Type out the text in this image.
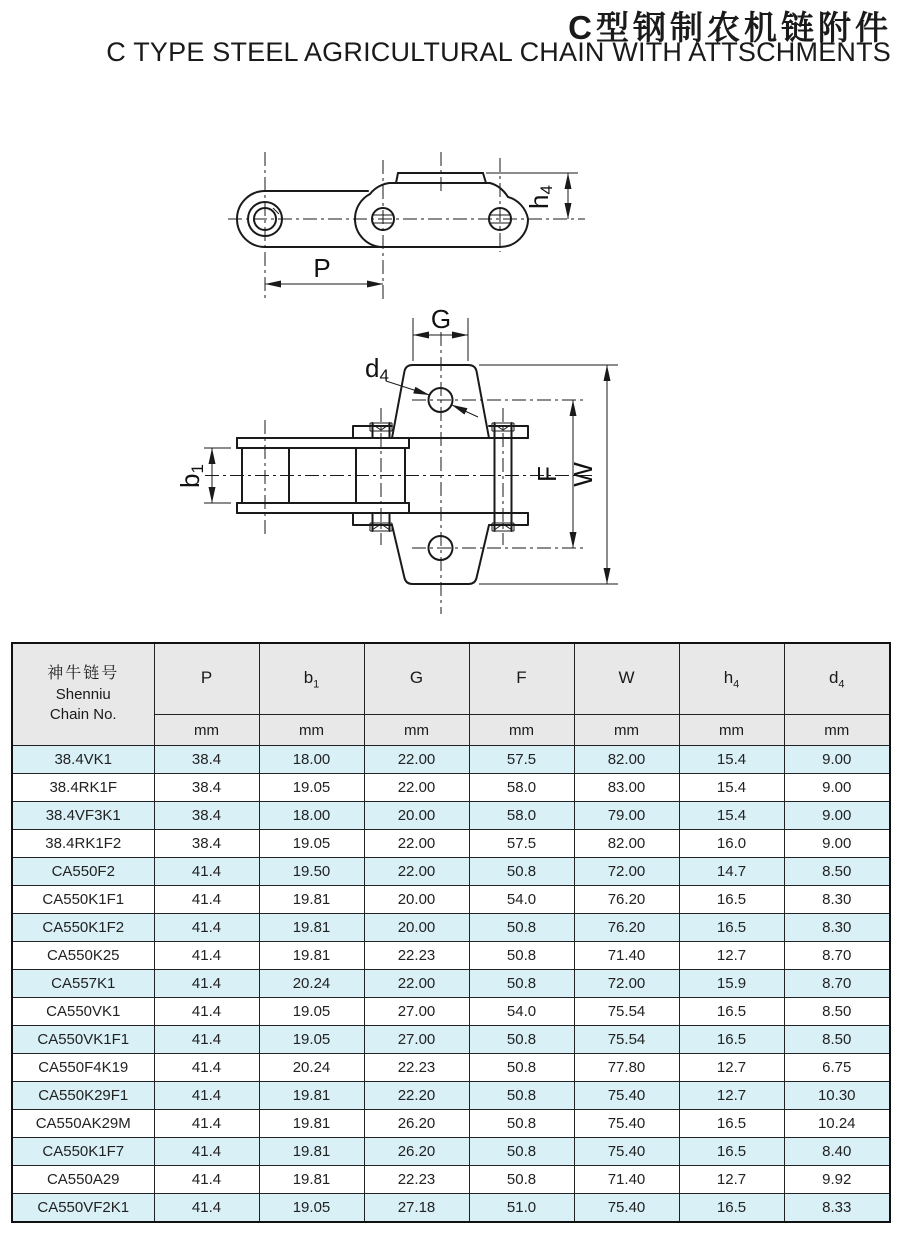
C型钢制农机链附件
C TYPE STEEL AGRICULTURAL CHAIN WITH ATTSCHMENTS
P
h4
G
d4
b1	F W
神牛链号
Shenniu
Chain No.	P	$b_1$	G	F	W	$h_4$	$d_4$
	mm	mm	mm	mm	mm	mm	mm
38.4VK1	38.4	18.00	22.00	57.5	82.00	15.4	9.00
38.4RK1F	38.4	19.05	22.00	58.0	83.00	15.4	9.00
38.4VF3K1	38.4	18.00	20.00	58.0	79.00	15.4	9.00
38.4RK1F2	38.4	19.05	22.00	57.5	82.00	16.0	9.00
CA550F2	41.4	19.50	22.00	50.8	72.00	14.7	8.50
CA550K1F1	41.4	19.81	20.00	54.0	76.20	16.5	8.30
CA550K1F2	41.4	19.81	20.00	50.8	76.20	16.5	8.30
CA550K25	41.4	19.81	22.23	50.8	71.40	12.7	8.70
CA557K1	41.4	20.24	22.00	50.8	72.00	15.9	8.70
CA550VK1	41.4	19.05	27.00	54.0	75.54	16.5	8.50
CA550VK1F1	41.4	19.05	27.00	50.8	75.54	16.5	8.50
CA550F4K19	41.4	20.24	22.23	50.8	77.80	12.7	6.75
CA550K29F1	41.4	19.81	22.20	50.8	75.40	12.7	10.30
CA550AK29M	41.4	19.81	26.20	50.8	75.40	16.5	10.24
CA550K1F7	41.4	19.81	26.20	50.8	75.40	16.5	8.40
CA550A29	41.4	19.81	22.23	50.8	71.40	12.7	9.92
CA550VF2K1	41.4	19.05	27.18	51.0	75.40	16.5	8.33
